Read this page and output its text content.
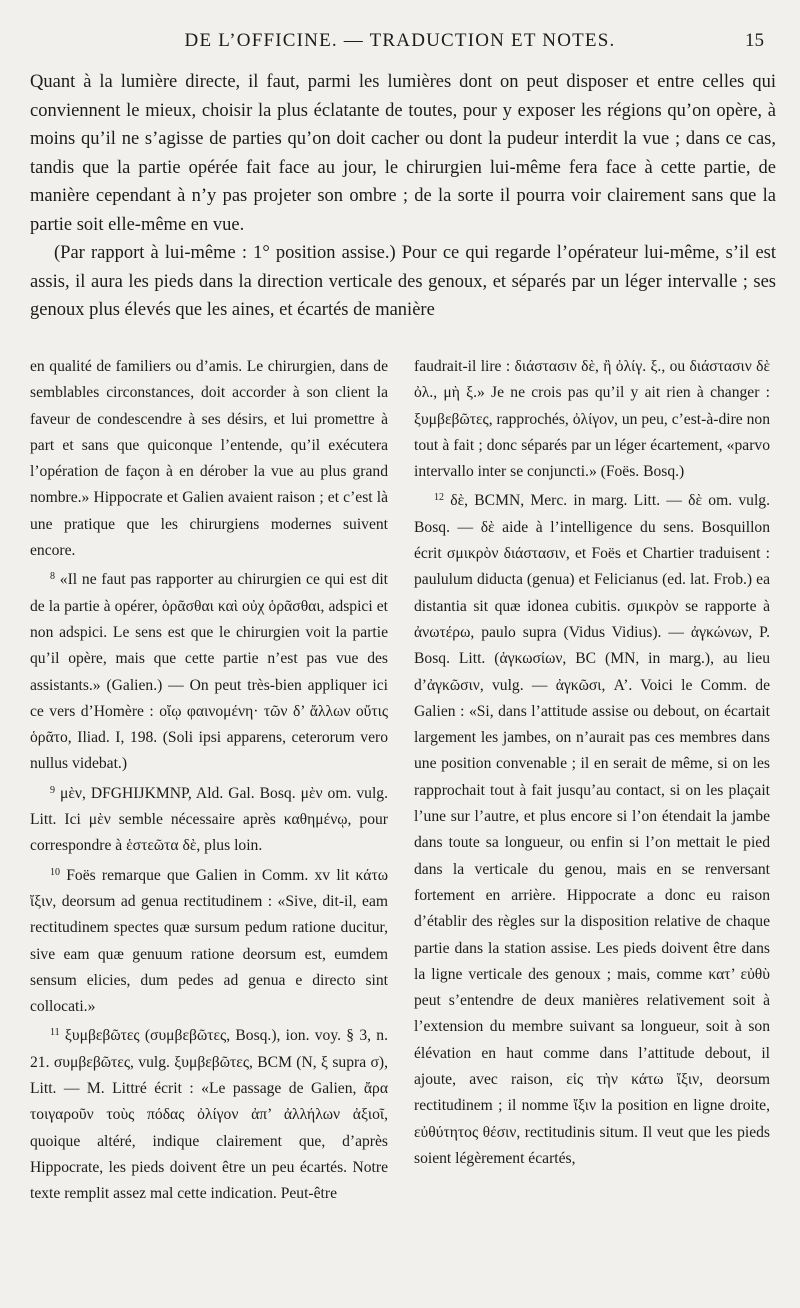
DE L’OFFICINE. — TRADUCTION ET NOTES.	15

Quant à la lumière directe, il faut, parmi les lumières dont on peut disposer et entre celles qui conviennent le mieux, choisir la plus éclatante de toutes, pour y exposer les régions qu’on opère, à moins qu’il ne s’agisse de parties qu’on doit cacher ou dont la pudeur interdit la vue ; dans ce cas, tandis que la partie opérée fait face au jour, le chirurgien lui-même fera face à cette partie, de manière cependant à n’y pas projeter son ombre ; de la sorte il pourra voir clairement sans que la partie soit elle-même en vue.

(Par rapport à lui-même : 1° position assise.) Pour ce qui regarde l’opérateur lui-même, s’il est assis, il aura les pieds dans la direction verticale des genoux, et séparés par un léger intervalle ; ses genoux plus élevés que les aines, et écartés de manière

en qualité de familiers ou d’amis. Le chirurgien, dans de semblables circonstances, doit accorder à son client la faveur de condescendre à ses désirs, et lui promettre à part et sans que quiconque l’entende, qu’il exécutera l’opération de façon à en dérober la vue au plus grand nombre.» Hippocrate et Galien avaient raison ; et c’est là une pratique que les chirurgiens modernes suivent encore.

$^8$ «Il ne faut pas rapporter au chirurgien ce qui est dit de la partie à opérer, ὁρᾶσθαι καὶ οὐχ ὁρᾶσθαι, adspici et non adspici. Le sens est que le chirurgien voit la partie qu’il opère, mais que cette partie n’est pas vue des assistants.» (Galien.) — On peut très-bien appliquer ici ce vers d’Homère : οἴῳ φαινομένη· τῶν δ’ ἄλλων οὔτις ὁρᾶτο, Iliad. I, 198. (Soli ipsi apparens, ceterorum vero nullus videbat.)

$^9$ μὲν, DFGHIJKMNP, Ald. Gal. Bosq. μὲν om. vulg. Litt. Ici μὲν semble nécessaire après καθημένῳ, pour correspondre à ἑστεῶτα δὲ, plus loin.

$^{10}$ Foës remarque que Galien in Comm. xv lit κάτω ἴξιν, deorsum ad genua rectitudinem : «Sive, dit-il, eam rectitudinem spectes quæ sursum pedum ratione ducitur, sive eam quæ genuum ratione deorsum est, eumdem sensum elicies, dum pedes ad genua e directo sint collocati.»

$^{11}$ ξυμβεβῶτες (συμβεβῶτες, Bosq.), ion. voy. § 3, n. 21. συμβεβῶτες, vulg. ξυμβεβῶτες, BCM (N, ξ supra σ), Litt. — M. Littré écrit : «Le passage de Galien, ἄρα τοιγαροῦν τοὺς πόδας ὀλίγον ἀπ’ ἀλλήλων ἀξιοῖ, quoique altéré, indique clairement que, d’après Hippocrate, les pieds doivent être un peu écartés. Notre texte remplit assez mal cette indication. Peut-être

faudrait-il lire : διάστασιν δὲ, ἢ ὀλίγ. ξ., ou διάστασιν δὲ ὀλ., μὴ ξ.» Je ne crois pas qu’il y ait rien à changer : ξυμβεβῶτες, rapprochés, ὀλίγον, un peu, c’est-à-dire non tout à fait ; donc séparés par un léger écartement, «parvo intervallo inter se conjuncti.» (Foës. Bosq.)

$^{12}$ δὲ, BCMN, Merc. in marg. Litt. — δὲ om. vulg. Bosq. — δὲ aide à l’intelligence du sens. Bosquillon écrit σμικρὸν διάστασιν, et Foës et Chartier traduisent : paululum diducta (genua) et Felicianus (ed. lat. Frob.) ea distantia sit quæ idonea cubitis. σμικρὸν se rapporte à ἀνωτέρω, paulo supra (Vidus Vidius). — ἀγκώνων, P. Bosq. Litt. (ἀγκωσίων, BC (MN, in marg.), au lieu d’ἀγκῶσιν, vulg. — ἀγκῶσι, A’. Voici le Comm. de Galien : «Si, dans l’attitude assise ou debout, on écartait largement les jambes, on n’aurait pas ces membres dans une position convenable ; il en serait de même, si on les rapprochait tout à fait jusqu’au contact, si on les plaçait l’une sur l’autre, et plus encore si l’on étendait la jambe dans toute sa longueur, ou enfin si l’on mettait le pied dans la verticale du genou, mais en se renversant fortement en arrière. Hippocrate a donc eu raison d’établir des règles sur la disposition relative de chaque partie dans la station assise. Les pieds doivent être dans la ligne verticale des genoux ; mais, comme κατ’ εὐθὺ peut s’entendre de deux manières relativement soit à l’extension du membre suivant sa longueur, soit à son élévation en haut comme dans l’attitude debout, il ajoute, avec raison, εἰς τὴν κάτω ἴξιν, deorsum rectitudinem ; il nomme ἴξιν la position en ligne droite, εὐθύτητος θέσιν, rectitudinis situm. Il veut que les pieds soient légèrement écartés,
